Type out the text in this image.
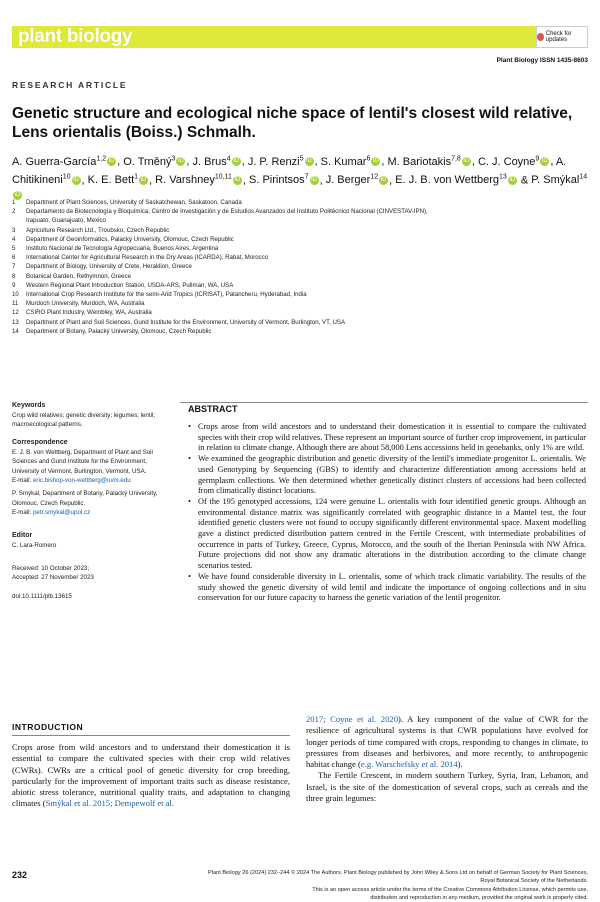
plant biology	Check for updates
Plant Biology ISSN 1435-8603
RESEARCH ARTICLE
Genetic structure and ecological niche space of lentil's closest wild relative, Lens orientalis (Boiss.) Schmalh.
A. Guerra-García$^{1,2}$ iD , O. Trněný$^3$ iD , J. Brus$^4$ iD , J. P. Renzi$^5$ iD , S. Kumar$^6$ iD , M. Bariotakis$^{7,8}$ iD , C. J. Coyne$^9$ iD , A. Chitikineni$^{10}$ iD , K. E. Bett$^1$ iD , R. Varshney$^{10,11}$ iD , S. Pirintsos$^7$ iD , J. Berger$^{12}$ iD , E. J. B. von Wettberg$^{13}$ iD & P. Smýkal$^{14}$iD
1	Department of Plant Sciences, University of Saskatchewan, Saskatoon, Canada
2	Departamento de Biotecnología y Bioquímica, Centro de Investigación y de Estudios Avanzados del Instituto Politécnico Nacional (CINVESTAV-IPN),
Irapuato, Guanajuato, Mexico
3	Agriculture Research Ltd., Troubsko, Czech Republic
4	Department of Geoinformatics, Palacký University, Olomouc, Czech Republic
5	Instituto Nacional de Tecnología Agropecuaria, Buenos Aires, Argentina
6	International Center for Agricultural Research in the Dry Areas (ICARDA), Rabat, Morocco
7	Department of Biology, University of Crete, Heraklion, Greece
8	Botanical Garden, Rethymnon, Greece
9	Western Regional Plant Introduction Station, USDA-ARS, Pullman, WA, USA
10	International Crop Research Institute for the semi-Arid Tropics (ICRISAT), Patancheru, Hyderabad, India
11	Murdoch University, Murdoch, WA, Australia
12	CSIRO Plant Industry, Wembley, WA, Australia
13	Department of Plant and Soil Sciences, Gund Institute for the Environment, University of Vermont, Burlington, VT, USA
14	Department of Botany, Palacký University, Olomouc, Czech Republic
Keywords
Crop wild relatives; genetic diversity; legumes; lentil; macroecological patterns.
Correspondence
E. J. B. von Wettberg, Department of Plant and Soil Sciences and Gund Institute for the Environment, University of Vermont, Burlington, Vermont, USA.
E-mail: eric.bishop-von-wettberg@uvm.edu
P. Smýkal, Department of Botany, Palacký University, Olomouc, Czech Republic.
E-mail: petr.smykal@upol.cz
Editor
C. Lara-Romero
Received: 10 October 2023;
Accepted: 27 November 2023
doi:10.1111/plb.13615
ABSTRACT
• Crops arose from wild ancestors and to understand their domestication it is essential to compare the cultivated species with their crop wild relatives. These represent an important source of further crop improvement, in particular in relation to climate change. Although there are about 58,000 Lens accessions held in genebanks, only 1% are wild.
• We examined the geographic distribution and genetic diversity of the lentil's immediate progenitor L. orientalis. We used Genotyping by Sequencing (GBS) to identify and characterize differentiation among accessions held at germplasm collections. We then determined whether genetically distinct clusters of accessions had been collected from climatically distinct locations.
• Of the 195 genotyped accessions, 124 were genuine L. orientalis with four identified genetic groups. Although an environmental distance matrix was significantly correlated with geographic distance in a Mantel test, the four identified genetic clusters were not found to occupy significantly different environmental space. Maxent modelling gave a distinct predicted distribution pattern centred in the Fertile Crescent, with intermediate probabilities of occurrence in parts of Turkey, Greece, Cyprus, Morocco, and the south of the Iberian Peninsula with NW Africa. Future projections did not show any dramatic alterations in the distribution according to the climate change scenarios tested.
• We have found considerable diversity in L. orientalis, some of which track climatic variability. The results of the study showed the genetic diversity of wild lentil and indicate the importance of ongoing collections and in situ conservation for our future capacity to harness the genetic variation of the lentil progenitor.
INTRODUCTION
Crops arose from wild ancestors and to understand their domestication it is essential to compare the cultivated species with their crop wild relatives (CWRs). CWRs are a critical pool of genetic diversity for crop breeding, particularly for the improvement of important traits such as disease resistance, abiotic stress tolerance, nutritional quality traits, and adaptation to changing climates (Smýkal et al. 2015; Dempewolf et al.
2017; Coyne et al. 2020). A key component of the value of CWR for the resilience of agricultural systems is that CWR populations have evolved for longer periods of time compared with crops, responding to changes in climate, to pressures from diseases and herbivores, and more recently, to anthropogenic habitat change (e.g. Warschefsky et al. 2014).
The Fertile Crescent, in modern southern Turkey, Syria, Iran, Lebanon, and Israel, is the site of the domestication of several crops, such as cereals and the three grain legumes:
232	Plant Biology 26 (2024) 232–244 © 2024 The Authors. Plant Biology published by John Wiley & Sons Ltd on behalf of German Society for Plant Sciences,
Royal Botanical Society of the Netherlands.
This is an open access article under the terms of the Creative Commons Attribution License, which permits use,
distribution and reproduction in any medium, provided the original work is properly cited.
